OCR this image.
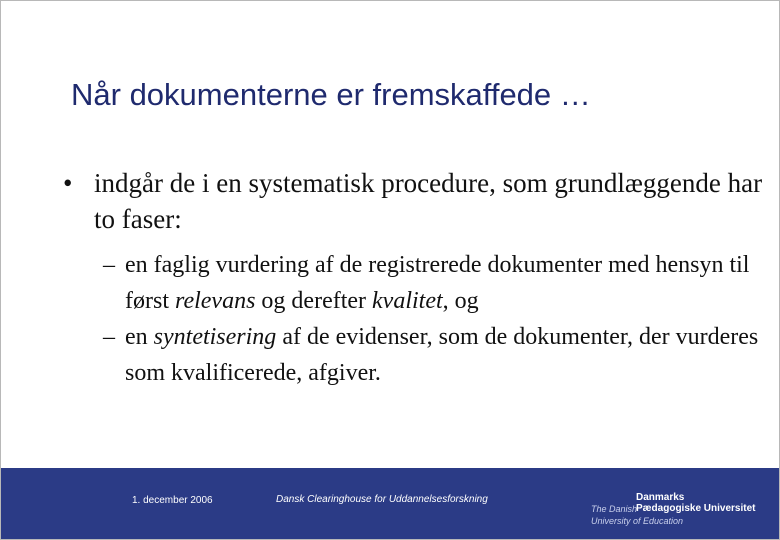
Når dokumenterne er fremskaffede …
• indgår de i en systematisk procedure, som grundlæggende har to faser:
– en faglig vurdering af de registrerede dokumenter med hensyn til først relevans og derefter kvalitet, og
– en syntetisering af de evidenser, som de dokumenter, der vurderes som kvalificerede, afgiver.
1. december 2006	Dansk Clearinghouse for Uddannelsesforskning	Danmarks
The Danish
Pædagogiske Universitet
University of Education
